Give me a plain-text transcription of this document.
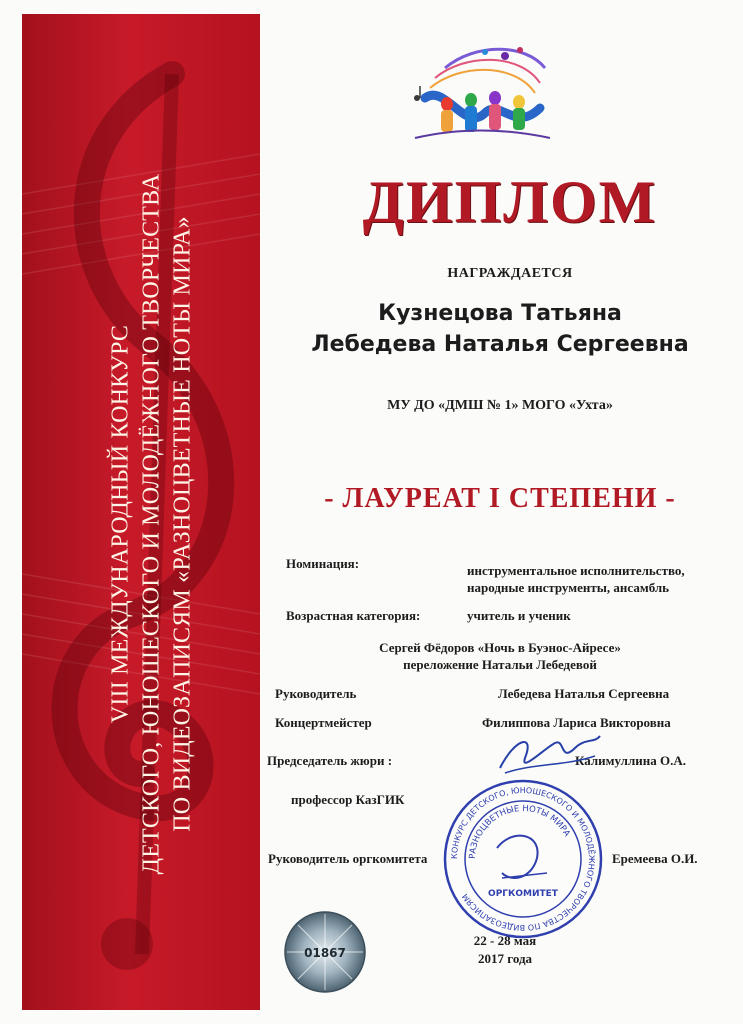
VIII МЕЖДУНАРОДНЫЙ КОНКУРС ДЕТСКОГО, ЮНОШЕСКОГО И МОЛОДЁЖНОГО ТВОРЧЕСТВА ПО ВИДЕОЗАПИСЯМ «РАЗНОЦВЕТНЫЕ НОТЫ МИРА»
ДИПЛОМ
НАГРАЖДАЕТСЯ
Кузнецова Татьяна
Лебедева Наталья Сергеевна
МУ ДО «ДМШ № 1» МОГО «Ухта»
- ЛАУРЕАТ I СТЕПЕНИ -
Номинация:	инструментальное исполнительство,
народные инструменты, ансамбль
Возрастная категория:	учитель и ученик
Сергей Фёдоров «Ночь в Буэнос-Айресе»
переложение Натальи Лебедевой
Руководитель	Лебедева Наталья Сергеевна
Концертмейстер	Филиппова Лариса Викторовна
Председатель жюри :	Калимуллина О.А.
профессор КазГИК
Руководитель оргкомитета	Еремеева О.И.
КОНКУРС ДЕТСКОГО, ЮНОШЕСКОГО И МОЛОДЁЖНОГО ТВОРЧЕСТВА ПО ВИДЕОЗАПИСЯМ
РАЗНОЦВЕТНЫЕ НОТЫ МИРА
ОРГКОМИТЕТ
01867
22 - 28 мая
2017 года
